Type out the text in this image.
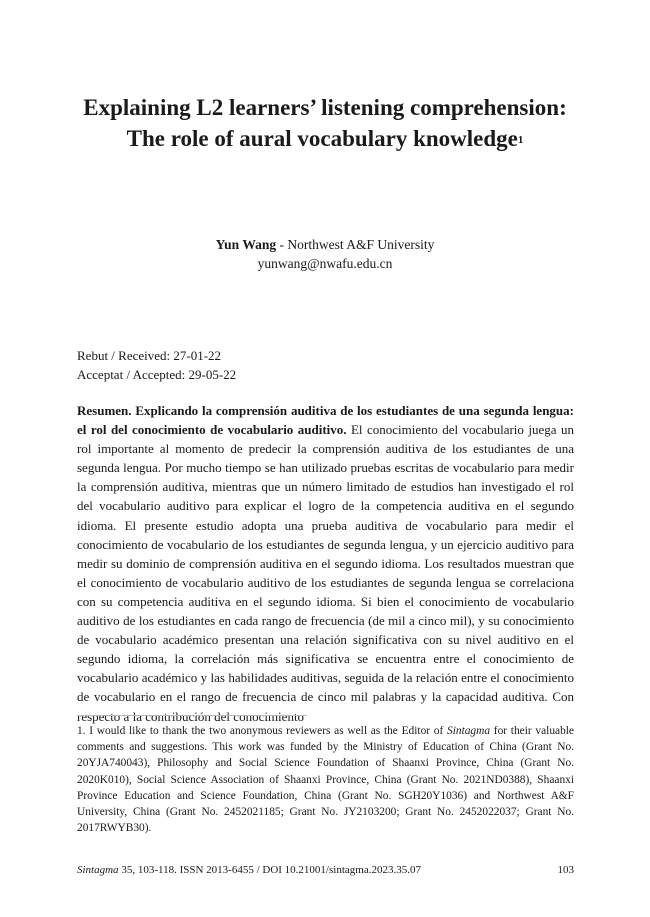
Explaining L2 learners’ listening comprehension:
The role of aural vocabulary knowledge$^1$
Yun Wang - Northwest A&F University
yunwang@nwafu.edu.cn
Rebut / Received: 27-01-22
Acceptat / Accepted: 29-05-22

Resumen. Explicando la comprensión auditiva de los estudiantes de una segunda lengua: el rol del conocimiento de vocabulario auditivo. El conocimiento del vocabulario juega un rol importante al momento de predecir la comprensión auditiva de los estudiantes de una segunda lengua. Por mucho tiempo se han utilizado pruebas escritas de vocabulario para medir la comprensión auditiva, mientras que un número limitado de estudios han investigado el rol del vocabulario auditivo para explicar el logro de la competencia auditiva en el segundo idioma. El presente estudio adopta una prueba auditiva de vocabulario para medir el conocimiento de vocabulario de los estudiantes de segunda lengua, y un ejercicio auditivo para medir su dominio de comprensión auditiva en el segundo idioma. Los resultados muestran que el conocimiento de vocabulario auditivo de los estudiantes de segunda lengua se correlaciona con su competencia auditiva en el segundo idioma. Si bien el conocimiento de vocabulario auditivo de los estudiantes en cada rango de frecuencia (de mil a cinco mil), y su conocimiento de vocabulario académico presentan una relación significativa con su nivel auditivo en el segundo idioma, la correlación más significativa se encuentra entre el conocimiento de vocabulario académico y las habilidades auditivas, seguida de la relación entre el conocimiento de vocabulario en el rango de frecuencia de cinco mil palabras y la capacidad auditiva. Con respecto a la contribución del conocimiento

1. I would like to thank the two anonymous reviewers as well as the Editor of Sintagma for their valuable comments and suggestions. This work was funded by the Ministry of Education of China (Grant No. 20YJA740043), Philosophy and Social Science Foundation of Shaanxi Province, China (Grant No. 2020K010), Social Science Association of Shaanxi Province, China (Grant No. 2021ND0388), Shaanxi Province Education and Science Foundation, China (Grant No. SGH20Y1036) and Northwest A&F University, China (Grant No. 2452021185; Grant No. JY2103200; Grant No. 2452022037; Grant No. 2017RWYB30).

Sintagma 35, 103-118. ISSN 2013-6455 / DOI 10.21001/sintagma.2023.35.07	103
